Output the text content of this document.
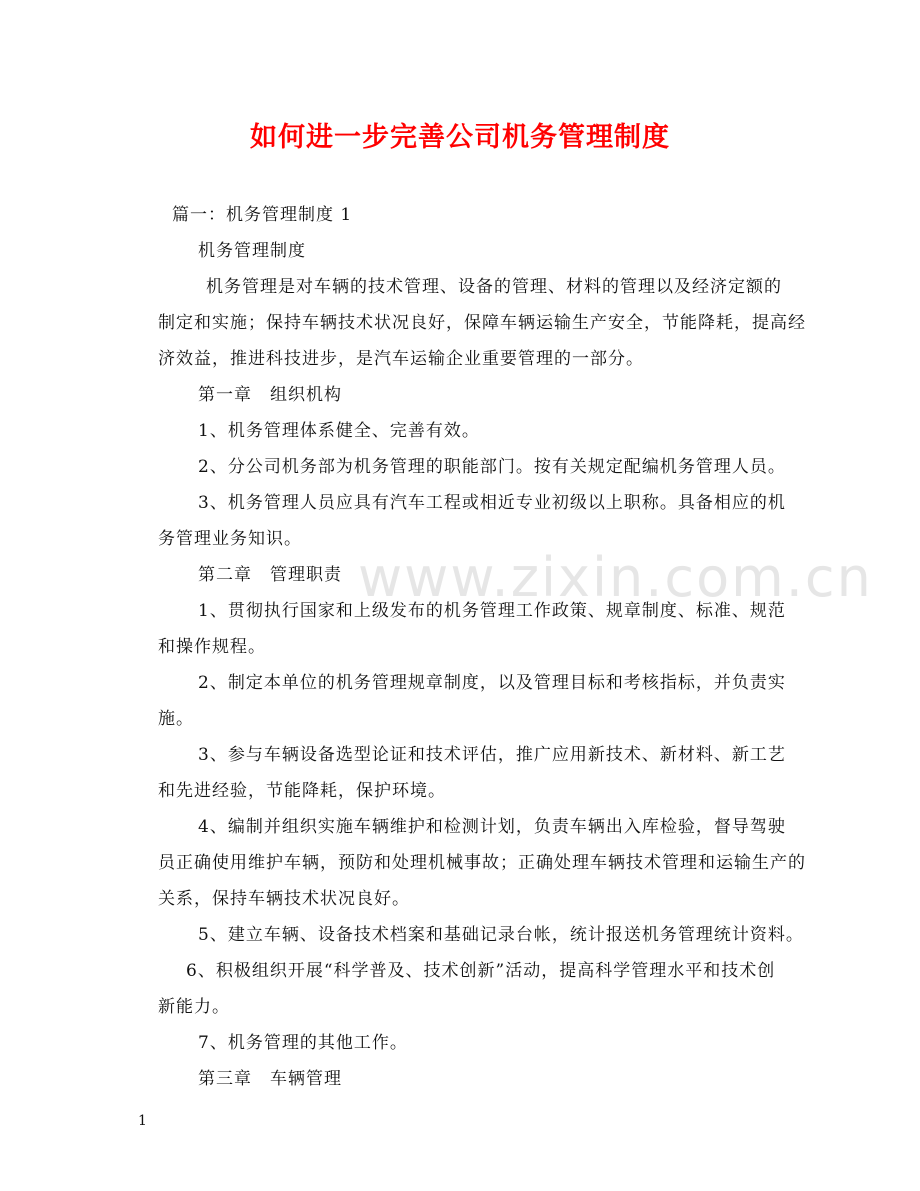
www.zixin.com.cn
如何进一步完善公司机务管理制度
篇一：机务管理制度 1
机务管理制度
机务管理是对车辆的技术管理、设备的管理、材料的管理以及经济定额的
制定和实施；保持车辆技术状况良好，保障车辆运输生产安全，节能降耗，提高经
济效益，推进科技进步，是汽车运输企业重要管理的一部分。
第一章　组织机构
1、机务管理体系健全、完善有效。
2、分公司机务部为机务管理的职能部门。按有关规定配编机务管理人员。
3、机务管理人员应具有汽车工程或相近专业初级以上职称。具备相应的机
务管理业务知识。
第二章　管理职责
1、贯彻执行国家和上级发布的机务管理工作政策、规章制度、标准、规范
和操作规程。
2、制定本单位的机务管理规章制度，以及管理目标和考核指标，并负责实
施。
3、参与车辆设备选型论证和技术评估，推广应用新技术、新材料、新工艺
和先进经验，节能降耗，保护环境。
4、编制并组织实施车辆维护和检测计划，负责车辆出入库检验，督导驾驶
员正确使用维护车辆，预防和处理机械事故；正确处理车辆技术管理和运输生产的
关系，保持车辆技术状况良好。
5、建立车辆、设备技术档案和基础记录台帐，统计报送机务管理统计资料。
6、积极组织开展“科学普及、技术创新”活动，提高科学管理水平和技术创
新能力。
7、机务管理的其他工作。
第三章　车辆管理
1
